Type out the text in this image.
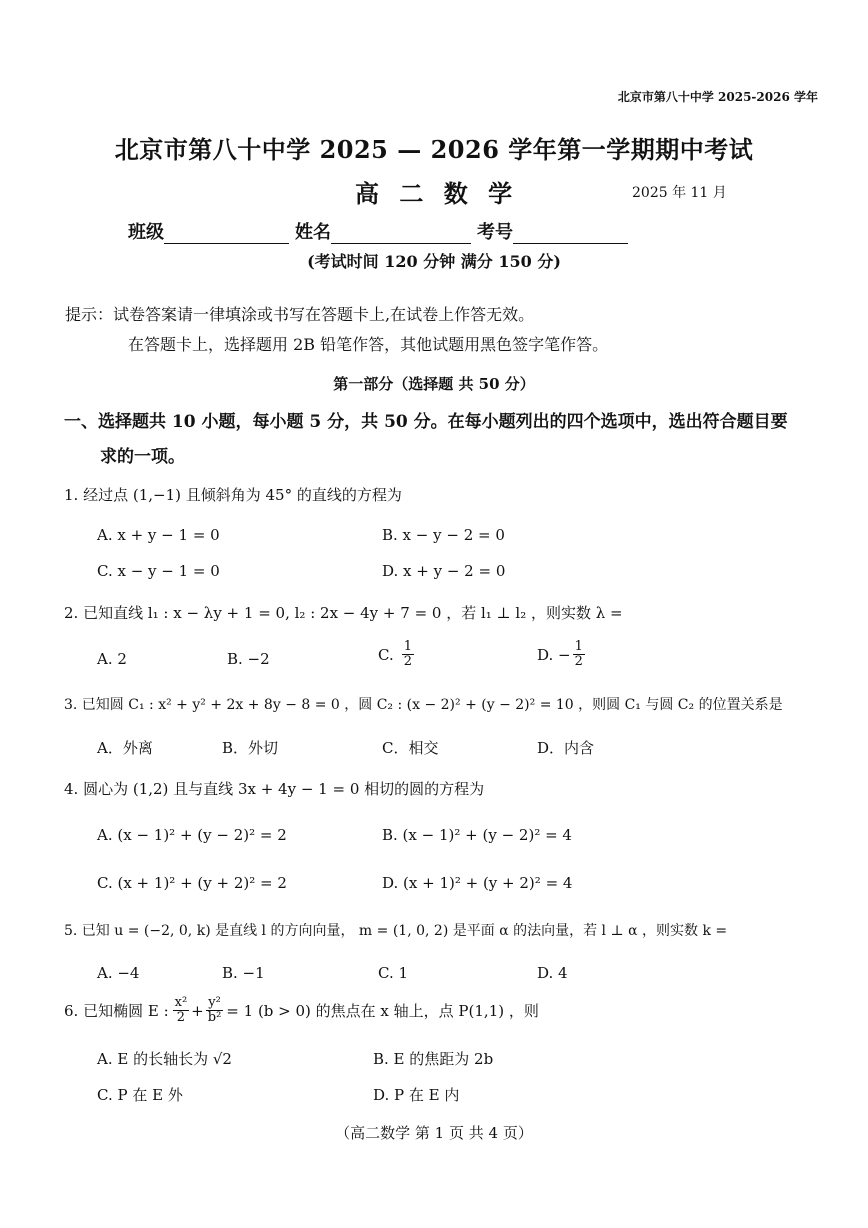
北京市第八十中学 2025-2026 学年
北京市第八十中学 2025 — 2026 学年第一学期期中考试
高 二 数 学	2025 年 11 月
班级	姓名	考号
(考试时间 120 分钟 满分 150 分)
提示：试卷答案请一律填涂或书写在答题卡上,在试卷上作答无效。
在答题卡上，选择题用 2B 铅笔作答，其他试题用黑色签字笔作答。
第一部分（选择题 共 50 分）
一、选择题共 10 小题，每小题 5 分，共 50 分。在每小题列出的四个选项中，选出符合题目要
求的一项。
1. 经过点 (1,−1) 且倾斜角为 45° 的直线的方程为
A. x + y − 1 = 0	B. x − y − 2 = 0
C. x − y − 1 = 0	D. x + y − 2 = 0
2. 已知直线 l₁ : x − λy + 1 = 0, l₂ : 2x − 4y + 7 = 0 ，若 l₁ ⊥ l₂ ，则实数 λ =
A. 2	B. −2	C. $\frac{1}{2}$	D. − $\frac{1}{2}$
3. 已知圆 C₁ : x² + y² + 2x + 8y − 8 = 0 ，圆 C₂ : (x − 2)² + (y − 2)² = 10 ，则圆 C₁ 与圆 C₂ 的位置关系是
A．外离	B．外切	C．相交	D．内含
4. 圆心为 (1,2) 且与直线 3x + 4y − 1 = 0 相切的圆的方程为
A. (x − 1)² + (y − 2)² = 2	B. (x − 1)² + (y − 2)² = 4
C. (x + 1)² + (y + 2)² = 2	D. (x + 1)² + (y + 2)² = 4
5. 已知 u = (−2, 0, k) 是直线 l 的方向向量， m = (1, 0, 2) 是平面 α 的法向量，若 l ⊥ α ，则实数 k =
A. −4	B. −1	C. 1	D. 4
6. 已知椭圆 E : $\frac{\text{x²}}{2} + \frac{\text{y²}}{\text{b²}} = 1$ (b > 0) 的焦点在 x 轴上，点 P(1,1) ，则
A. E 的长轴长为 √2	B. E 的焦距为 2b
C. P 在 E 外	D. P 在 E 内
（高二数学 第 1 页 共 4 页）
